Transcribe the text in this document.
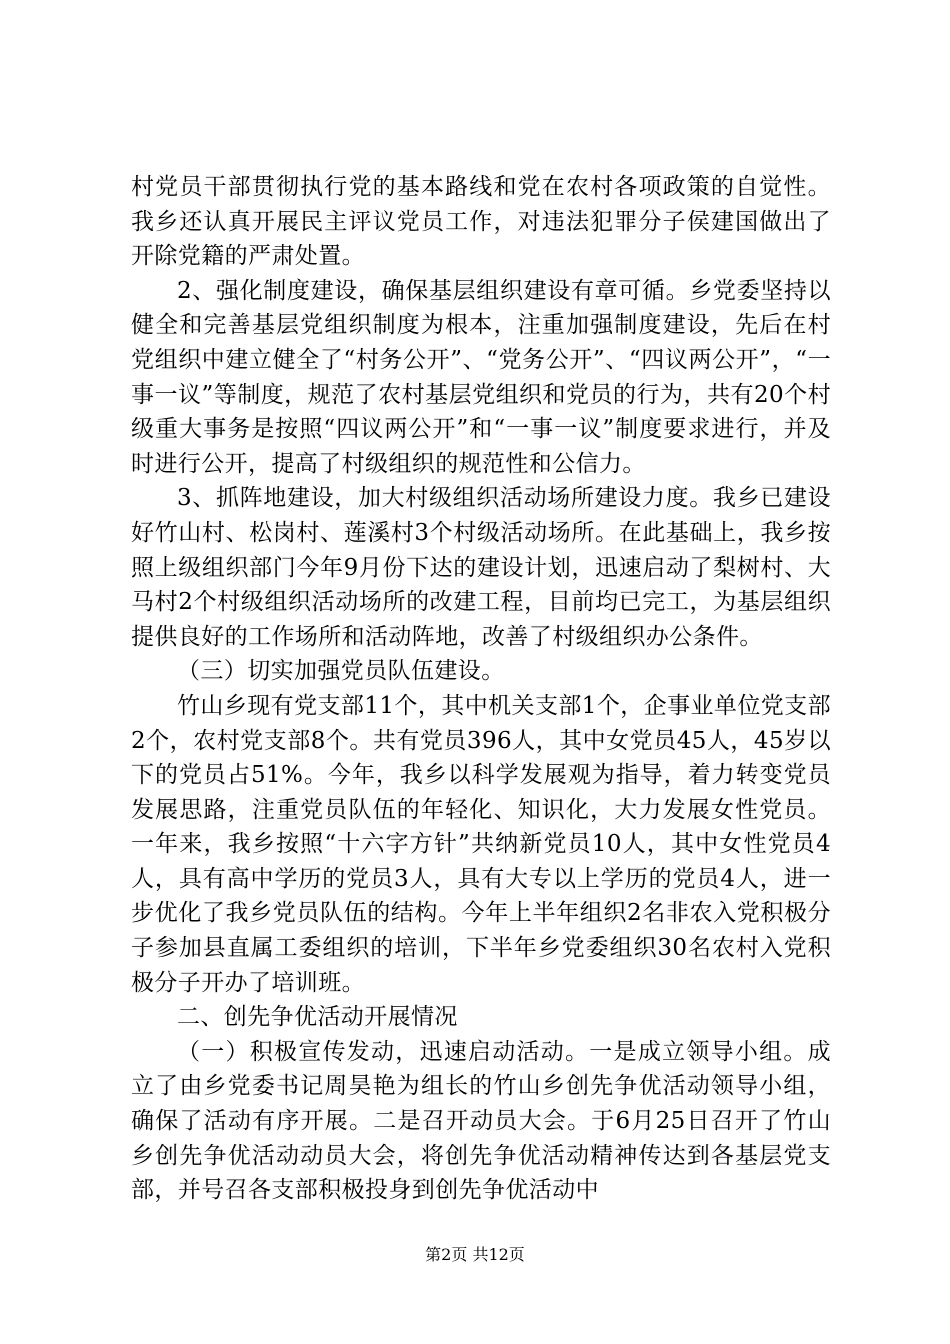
村党员干部贯彻执行党的基本路线和党在农村各项政策的自觉性。我乡还认真开展民主评议党员工作，对违法犯罪分子侯建国做出了开除党籍的严肃处置。

2、强化制度建设，确保基层组织建设有章可循。乡党委坚持以健全和完善基层党组织制度为根本，注重加强制度建设，先后在村党组织中建立健全了“村务公开”、“党务公开”、“四议两公开”，“一事一议”等制度，规范了农村基层党组织和党员的行为，共有20个村级重大事务是按照“四议两公开”和“一事一议”制度要求进行，并及时进行公开，提高了村级组织的规范性和公信力。

3、抓阵地建设，加大村级组织活动场所建设力度。我乡已建设好竹山村、松岗村、莲溪村3个村级活动场所。在此基础上，我乡按照上级组织部门今年9月份下达的建设计划，迅速启动了梨树村、大马村2个村级组织活动场所的改建工程，目前均已完工，为基层组织提供良好的工作场所和活动阵地，改善了村级组织办公条件。

（三）切实加强党员队伍建设。

竹山乡现有党支部11个，其中机关支部1个，企事业单位党支部2个，农村党支部8个。共有党员396人，其中女党员45人，45岁以下的党员占51%。今年，我乡以科学发展观为指导，着力转变党员发展思路，注重党员队伍的年轻化、知识化，大力发展女性党员。一年来，我乡按照“十六字方针”共纳新党员10人，其中女性党员4人，具有高中学历的党员3人，具有大专以上学历的党员4人，进一步优化了我乡党员队伍的结构。今年上半年组织2名非农入党积极分子参加县直属工委组织的培训，下半年乡党委组织30名农村入党积极分子开办了培训班。

二、创先争优活动开展情况

（一）积极宣传发动，迅速启动活动。一是成立领导小组。成立了由乡党委书记周昊艳为组长的竹山乡创先争优活动领导小组，确保了活动有序开展。二是召开动员大会。于6月25日召开了竹山乡创先争优活动动员大会，将创先争优活动精神传达到各基层党支部，并号召各支部积极投身到创先争优活动中

第2页 共12页
